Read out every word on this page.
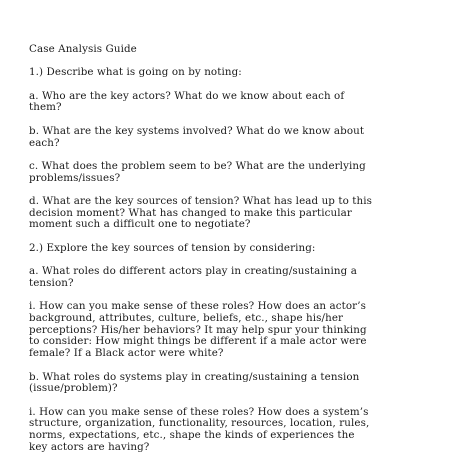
Case Analysis Guide

1.) Describe what is going on by noting:

a. Who are the key actors? What do we know about each of
them?

b. What are the key systems involved? What do we know about
each?

c. What does the problem seem to be? What are the underlying
problems/issues?

d. What are the key sources of tension? What has lead up to this
decision moment? What has changed to make this particular
moment such a difficult one to negotiate?

2.) Explore the key sources of tension by considering:

a. What roles do different actors play in creating/sustaining a
tension?

i. How can you make sense of these roles? How does an actor’s
background, attributes, culture, beliefs, etc., shape his/her
perceptions? His/her behaviors? It may help spur your thinking
to consider: How might things be different if a male actor were
female? If a Black actor were white?

b. What roles do systems play in creating/sustaining a tension
(issue/problem)?

i. How can you make sense of these roles? How does a system’s
structure, organization, functionality, resources, location, rules,
norms, expectations, etc., shape the kinds of experiences the
key actors are having?
